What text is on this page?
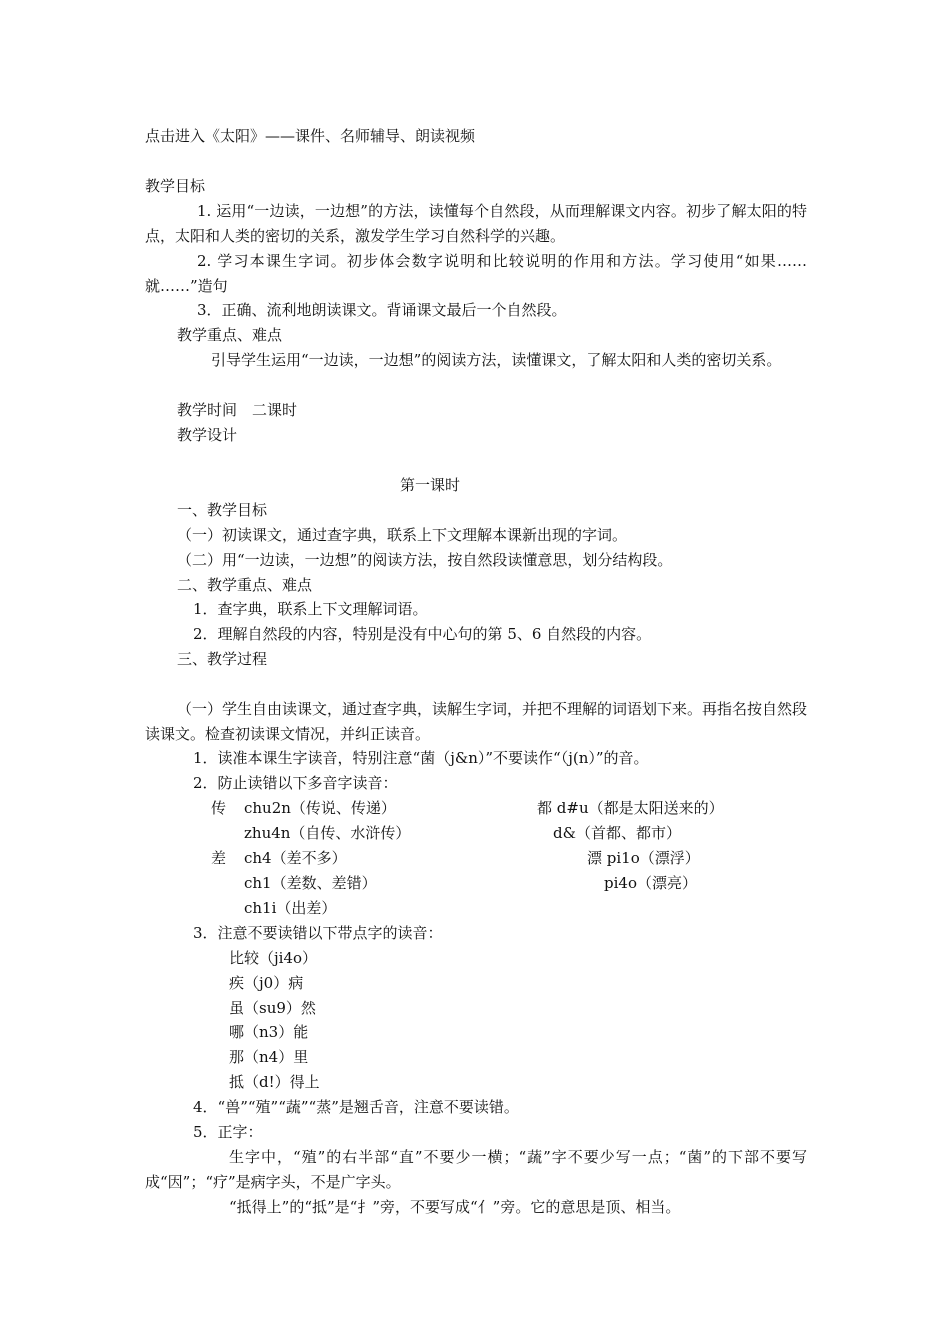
点击进入《太阳》——课件、名师辅导、朗读视频
教学目标
1. 运用“一边读，一边想”的方法，读懂每个自然段，从而理解课文内容。初步了解太阳的特点，太阳和人类的密切的关系，激发学生学习自然科学的兴趣。
2. 学习本课生字词。初步体会数字说明和比较说明的作用和方法。学习使用“如果……就……”造句
3．正确、流利地朗读课文。背诵课文最后一个自然段。
教学重点、难点
引导学生运用“一边读，一边想”的阅读方法，读懂课文，了解太阳和人类的密切关系。
教学时间　二课时
教学设计
第一课时
一、教学目标
（一）初读课文，通过查字典，联系上下文理解本课新出现的字词。
（二）用“一边读，一边想”的阅读方法，按自然段读懂意思，划分结构段。
二、教学重点、难点
1．查字典，联系上下文理解词语。
2．理解自然段的内容，特别是没有中心句的第 5、6 自然段的内容。
三、教学过程
（一）学生自由读课文，通过查字典，读解生字词，并把不理解的词语划下来。再指名按自然段读课文。检查初读课文情况，并纠正读音。
1．读准本课生字读音，特别注意“菌（j&n）”不要读作“（j(n）”的音。
2．防止读错以下多音字读音：
传 chu2n（传说、传递）	都 d#u（都是太阳送来的）
zhu4n（自传、水浒传）	d&（首都、都市）
差 ch4（差不多）	漂 pi1o（漂浮）
ch1（差数、差错）	pi4o（漂亮）
ch1i（出差）
3．注意不要读错以下带点字的读音：
比较（ji4o）
疾（j0）病
虽（su9）然
哪（n3）能
那（n4）里
抵（d!）得上
4．“兽”“殖”“蔬”“蒸”是翘舌音，注意不要读错。
5．正字：
生字中，“殖”的右半部“直”不要少一横；“蔬”字不要少写一点；“菌”的下部不要写成“因”；“疗”是病字头，不是广字头。
“抵得上”的“抵”是“扌”旁，不要写成“亻”旁。它的意思是顶、相当。
